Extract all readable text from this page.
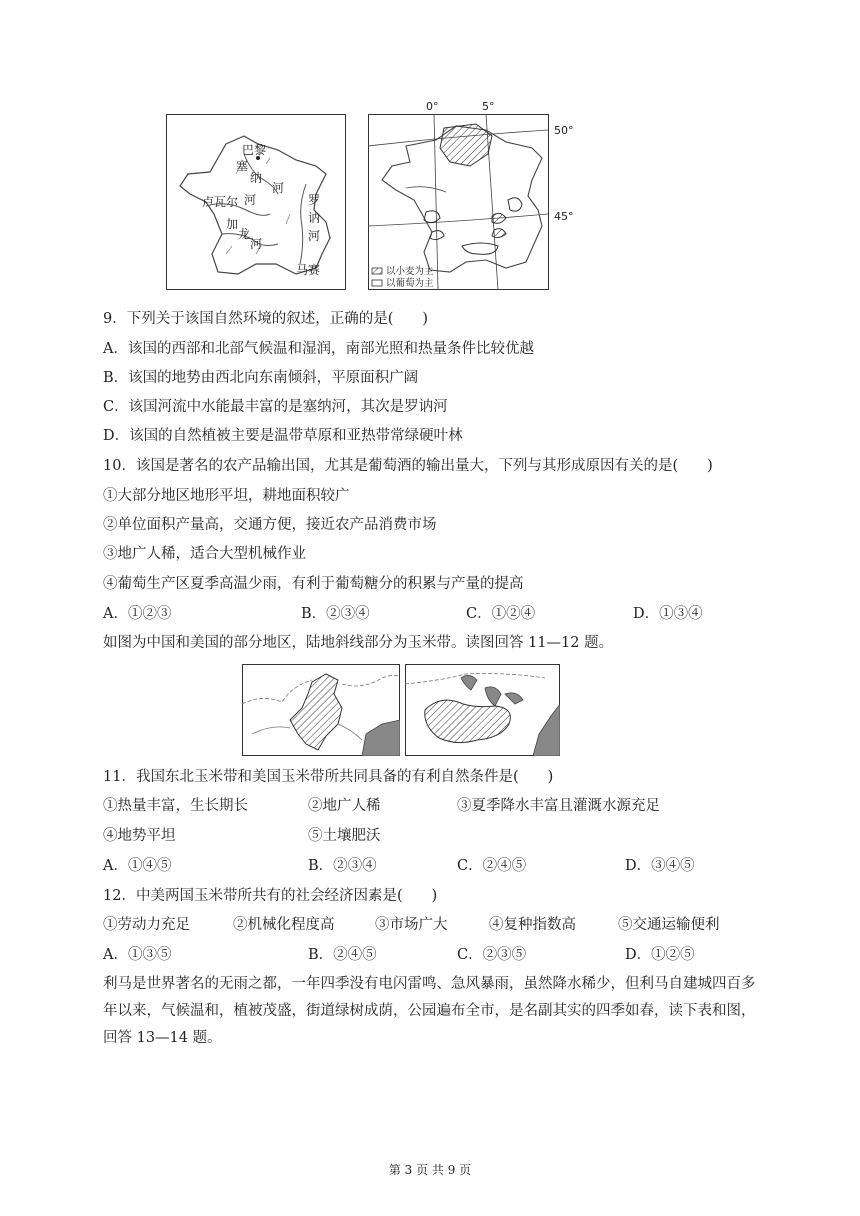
巴黎
塞
纳
河
卢瓦尔 河	罗
讷
河
加
龙
河
马赛
0°	5°
50°
45°
以小麦为主
以葡萄为主
9．下列关于该国自然环境的叙述，正确的是(　　)
A．该国的西部和北部气候温和湿润，南部光照和热量条件比较优越
B．该国的地势由西北向东南倾斜，平原面积广阔
C．该国河流中水能最丰富的是塞纳河，其次是罗讷河
D．该国的自然植被主要是温带草原和亚热带常绿硬叶林
10．该国是著名的农产品输出国，尤其是葡萄酒的输出量大，下列与其形成原因有关的是(　　)
①大部分地区地形平坦，耕地面积较广
②单位面积产量高，交通方便，接近农产品消费市场
③地广人稀，适合大型机械作业
④葡萄生产区夏季高温少雨，有利于葡萄糖分的积累与产量的提高
A．①②③	B．②③④	C．①②④	D．①③④
如图为中国和美国的部分地区，陆地斜线部分为玉米带。读图回答 11—12 题。
11．我国东北玉米带和美国玉米带所共同具备的有利自然条件是(　　)
①热量丰富，生长期长	②地广人稀	③夏季降水丰富且灌溉水源充足
④地势平坦	⑤土壤肥沃
A．①④⑤	B．②③④	C．②④⑤	D．③④⑤
12．中美两国玉米带所共有的社会经济因素是(　　)
①劳动力充足	②机械化程度高	③市场广大	④复种指数高	⑤交通运输便利
A．①③⑤	B．②④⑤	C．②③⑤	D．①②⑤
利马是世界著名的无雨之都，一年四季没有电闪雷鸣、急风暴雨，虽然降水稀少，但利马自建城四百多年以来，气候温和，植被茂盛，街道绿树成荫，公园遍布全市，是名副其实的四季如春，读下表和图，回答 13—14 题。
第 3 页 共 9 页
